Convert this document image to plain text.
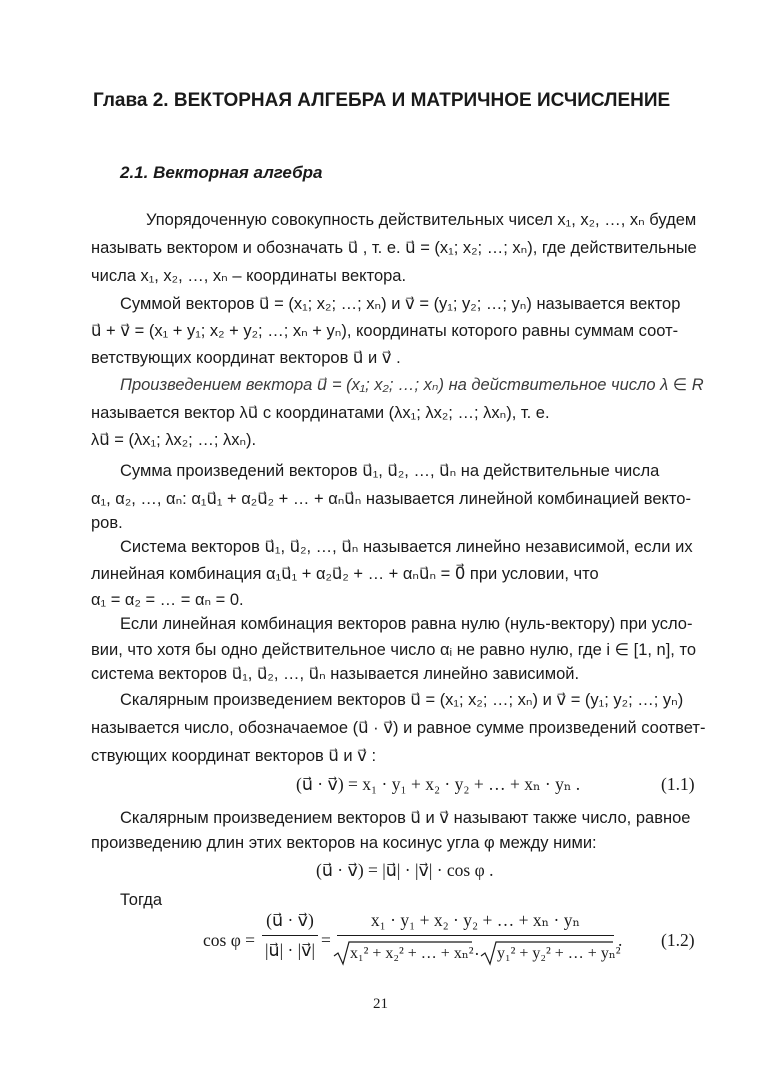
Глава 2. ВЕКТОРНАЯ АЛГЕБРА И МАТРИЧНОЕ ИСЧИСЛЕНИЕ
2.1. Векторная алгебра
Упорядоченную совокупность действительных чисел x₁, x₂, …, xₙ будем
называть вектором и обозначать u⃗ , т. е. u⃗ = (x₁; x₂; …; xₙ), где действительные
числа x₁, x₂, …, xₙ – координаты вектора.
Суммой векторов u⃗ = (x₁; x₂; …; xₙ) и v⃗ = (y₁; y₂; …; yₙ) называется вектор
u⃗ + v⃗ = (x₁ + y₁; x₂ + y₂; …; xₙ + yₙ), координаты которого равны суммам соот-
ветствующих координат векторов u⃗ и v⃗ .
Произведением вектора u⃗ = (x₁; x₂; …; xₙ) на действительное число λ ∈ R
называется вектор λu⃗ с координатами (λx₁; λx₂; …; λxₙ), т. е.
λu⃗ = (λx₁; λx₂; …; λxₙ).
Сумма произведений векторов u⃗₁, u⃗₂, …, u⃗ₙ на действительные числа
α₁, α₂, …, αₙ: α₁u⃗₁ + α₂u⃗₂ + … + αₙu⃗ₙ называется линейной комбинацией векто-
ров.
Система векторов u⃗₁, u⃗₂, …, u⃗ₙ называется линейно независимой, если их
линейная комбинация α₁u⃗₁ + α₂u⃗₂ + … + αₙu⃗ₙ = 0⃗ при условии, что
α₁ = α₂ = … = αₙ = 0.
Если линейная комбинация векторов равна нулю (нуль-вектору) при усло-
вии, что хотя бы одно действительное число αᵢ не равно нулю, где i ∈ [1, n], то
система векторов u⃗₁, u⃗₂, …, u⃗ₙ называется линейно зависимой.
Скалярным произведением векторов u⃗ = (x₁; x₂; …; xₙ) и v⃗ = (y₁; y₂; …; yₙ)
называется число, обозначаемое (u⃗ · v⃗) и равное сумме произведений соответ-
ствующих координат векторов u⃗ и v⃗ :
(u⃗ · v⃗) = x₁ · y₁ + x₂ · y₂ + … + xₙ · yₙ .	(1.1)
Скалярным произведением векторов u⃗ и v⃗ называют также число, равное
произведению длин этих векторов на косинус угла φ между ними:
(u⃗ · v⃗) = |u⃗| · |v⃗| · cos φ .
Тогда
cos φ =
(u⃗ · v⃗)
|u⃗| · |v⃗| =
x₁ · y₁ + x₂ · y₂ + … + xₙ · yₙ
x₁² + x₂² + … + xₙ² · y₁² + y₂² + … + yₙ²
. (1.2)
21
